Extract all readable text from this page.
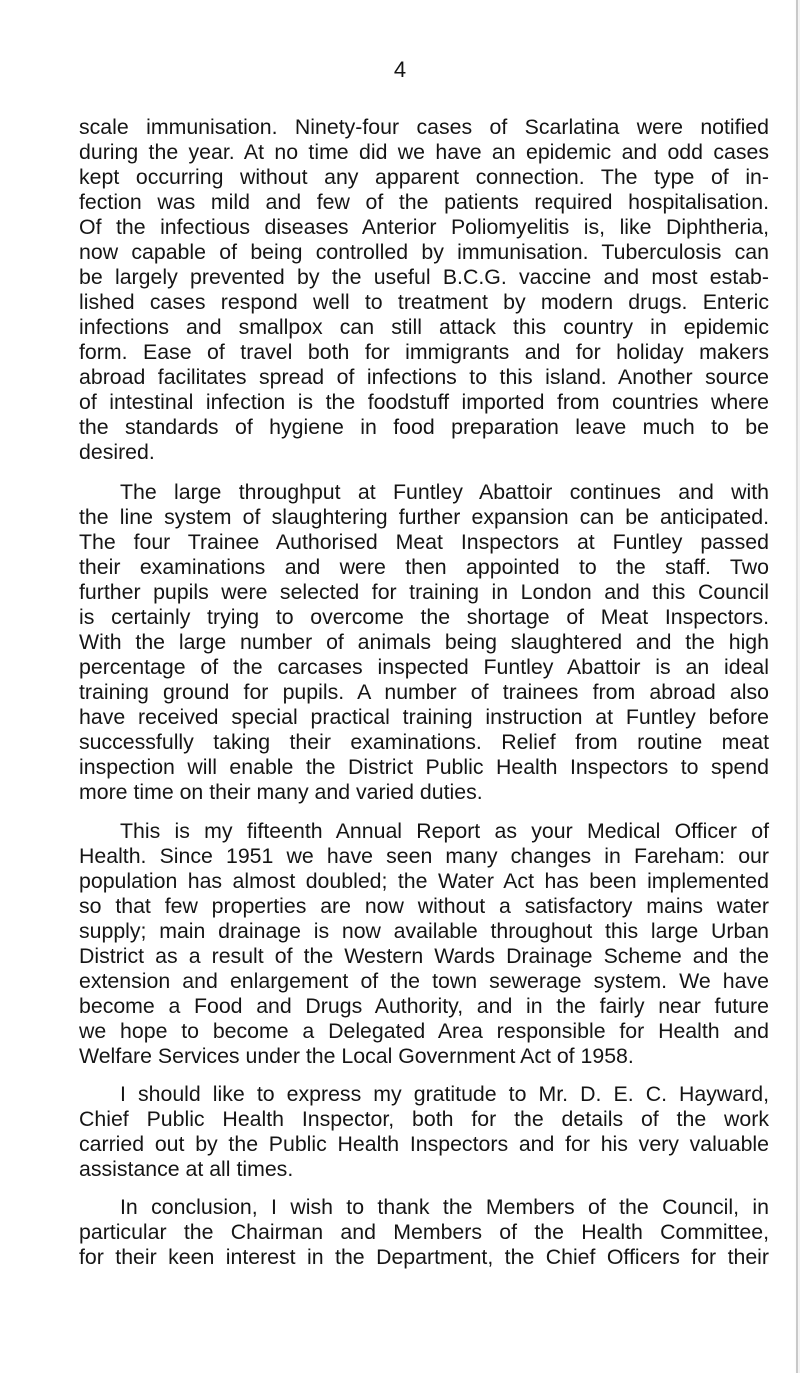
4
scale immunisation. Ninety-four cases of Scarlatina were notified
during the year. At no time did we have an epidemic and odd cases
kept occurring without any apparent connection. The type of in-
fection was mild and few of the patients required hospitalisation.
Of the infectious diseases Anterior Poliomyelitis is, like Diphtheria,
now capable of being controlled by immunisation. Tuberculosis can
be largely prevented by the useful B.C.G. vaccine and most estab-
lished cases respond well to treatment by modern drugs. Enteric
infections and smallpox can still attack this country in epidemic
form. Ease of travel both for immigrants and for holiday makers
abroad facilitates spread of infections to this island. Another source
of intestinal infection is the foodstuff imported from countries where
the standards of hygiene in food preparation leave much to be
desired.
The large throughput at Funtley Abattoir continues and with
the line system of slaughtering further expansion can be anticipated.
The four Trainee Authorised Meat Inspectors at Funtley passed
their examinations and were then appointed to the staff. Two
further pupils were selected for training in London and this Council
is certainly trying to overcome the shortage of Meat Inspectors.
With the large number of animals being slaughtered and the high
percentage of the carcases inspected Funtley Abattoir is an ideal
training ground for pupils. A number of trainees from abroad also
have received special practical training instruction at Funtley before
successfully taking their examinations. Relief from routine meat
inspection will enable the District Public Health Inspectors to spend
more time on their many and varied duties.
This is my fifteenth Annual Report as your Medical Officer of
Health. Since 1951 we have seen many changes in Fareham: our
population has almost doubled; the Water Act has been implemented
so that few properties are now without a satisfactory mains water
supply; main drainage is now available throughout this large Urban
District as a result of the Western Wards Drainage Scheme and the
extension and enlargement of the town sewerage system. We have
become a Food and Drugs Authority, and in the fairly near future
we hope to become a Delegated Area responsible for Health and
Welfare Services under the Local Government Act of 1958.
I should like to express my gratitude to Mr. D. E. C. Hayward,
Chief Public Health Inspector, both for the details of the work
carried out by the Public Health Inspectors and for his very valuable
assistance at all times.
In conclusion, I wish to thank the Members of the Council, in
particular the Chairman and Members of the Health Committee,
for their keen interest in the Department, the Chief Officers for their
